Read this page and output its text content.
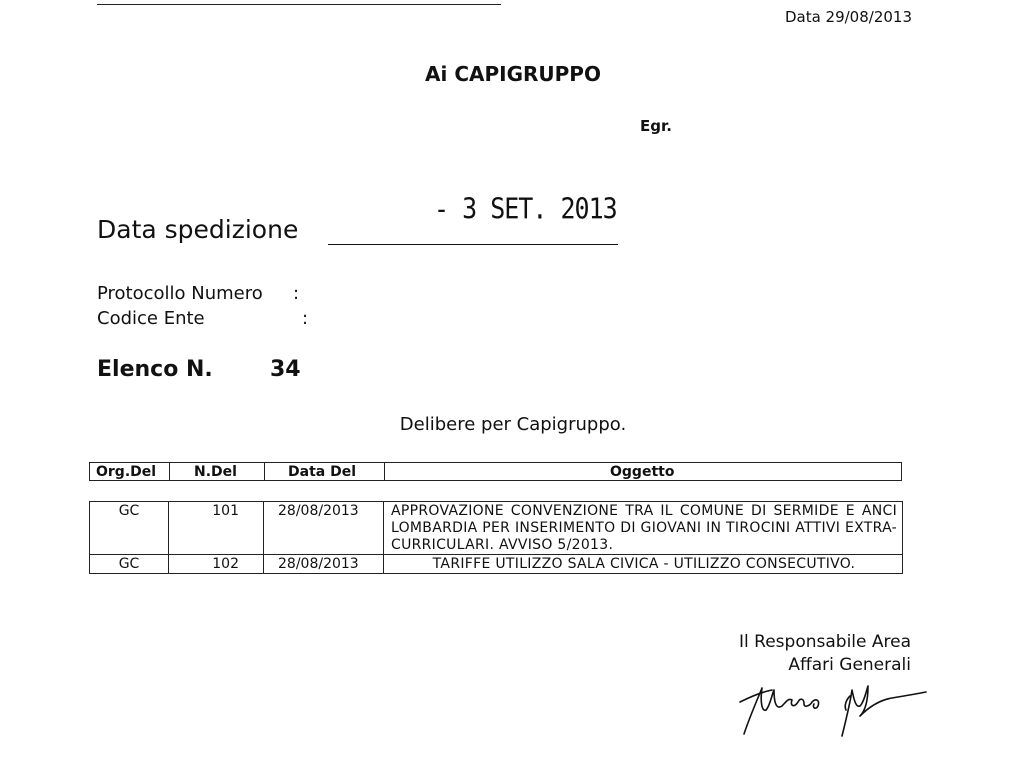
Data 29/08/2013
Ai CAPIGRUPPO
Egr.
- 3 SET. 2013
Data spedizione
Protocollo Numero :
Codice Ente	:
Elenco N.	34
Delibere per Capigruppo.
Org.Del	N.Del	Data Del	Oggetto
GC	101	28/08/2013	APPROVAZIONE CONVENZIONE TRA IL COMUNE DI SERMIDE E ANCI LOMBARDIA PER INSERIMENTO DI GIOVANI IN TIROCINI ATTIVI EXTRA-CURRICULARI. AVVISO 5/2013.
GC	102	28/08/2013	TARIFFE UTILIZZO SALA CIVICA - UTILIZZO CONSECUTIVO.
Il Responsabile Area
Affari Generali
